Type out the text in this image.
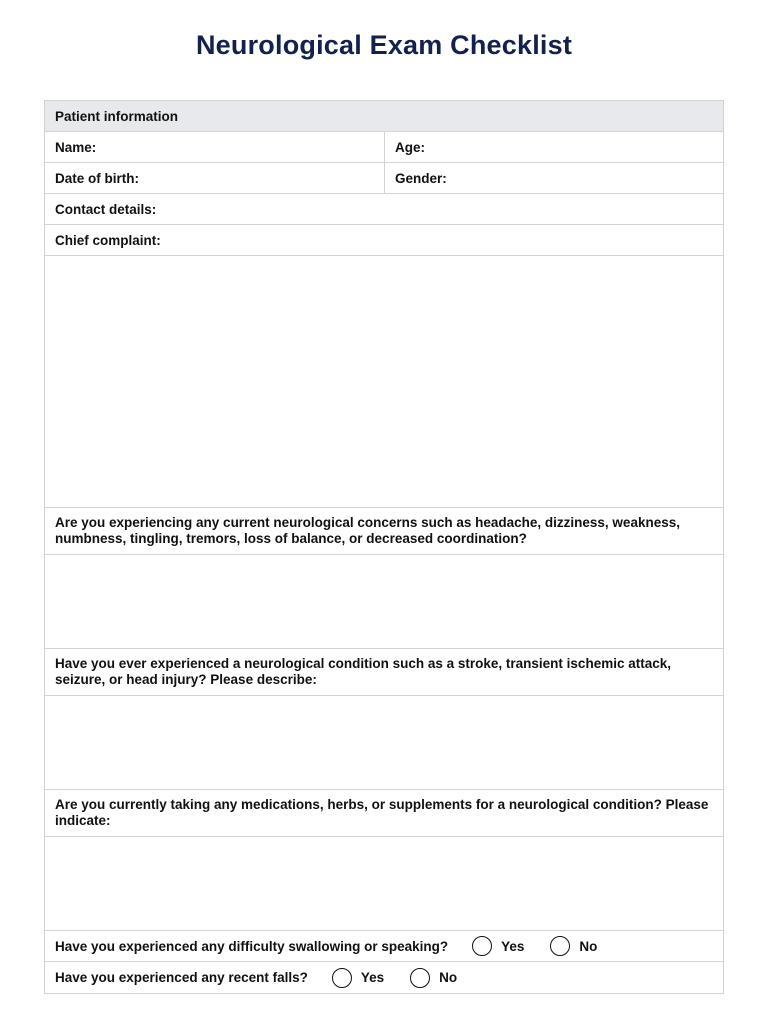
Neurological Exam Checklist
Patient information
Name:	Age:
Date of birth:	Gender:
Contact details:
Chief complaint:
Are you experiencing any current neurological concerns such as headache, dizziness, weakness, numbness, tingling, tremors, loss of balance, or decreased coordination?
Have you ever experienced a neurological condition such as a stroke, transient ischemic attack, seizure, or head injury? Please describe:
Are you currently taking any medications, herbs, or supplements for a neurological condition? Please indicate:
Have you experienced any difficulty swallowing or speaking?	Yes	No
Have you experienced any recent falls?	Yes	No
